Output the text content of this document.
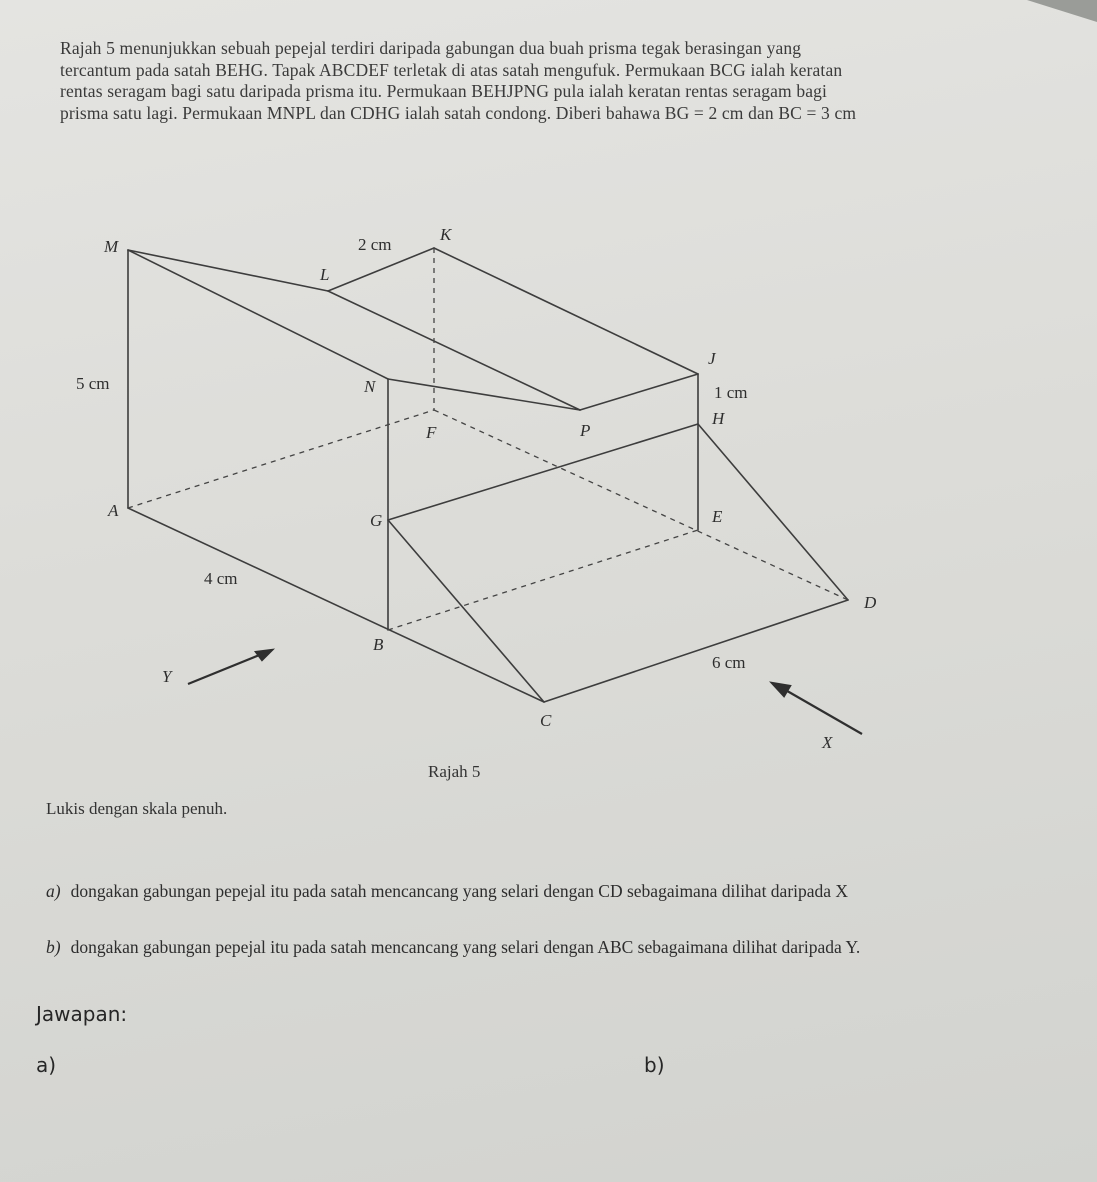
Rajah 5 menunjukkan sebuah pepejal terdiri daripada gabungan dua buah prisma tegak berasingan yang

tercantum pada satah BEHG. Tapak ABCDEF terletak di atas satah mengufuk. Permukaan BCG ialah keratan

rentas seragam bagi satu daripada prisma itu. Permukaan BEHJPNG pula ialah keratan rentas seragam bagi

prisma satu lagi. Permukaan MNPL dan CDHG ialah satah condong. Diberi bahawa BG = 2 cm dan BC = 3 cm

M
K
L
J
N
F	P
H
A
G	E
D
B
C
2 cm
5 cm	1 cm
4 cm
6 cm
Y
X
Rajah 5
Lukis dengan skala penuh.
a) dongakan gabungan pepejal itu pada satah mencancang yang selari dengan CD sebagaimana dilihat daripada X
b) dongakan gabungan pepejal itu pada satah mencancang yang selari dengan ABC sebagaimana dilihat daripada Y.
Jawapan:
a)	b)
